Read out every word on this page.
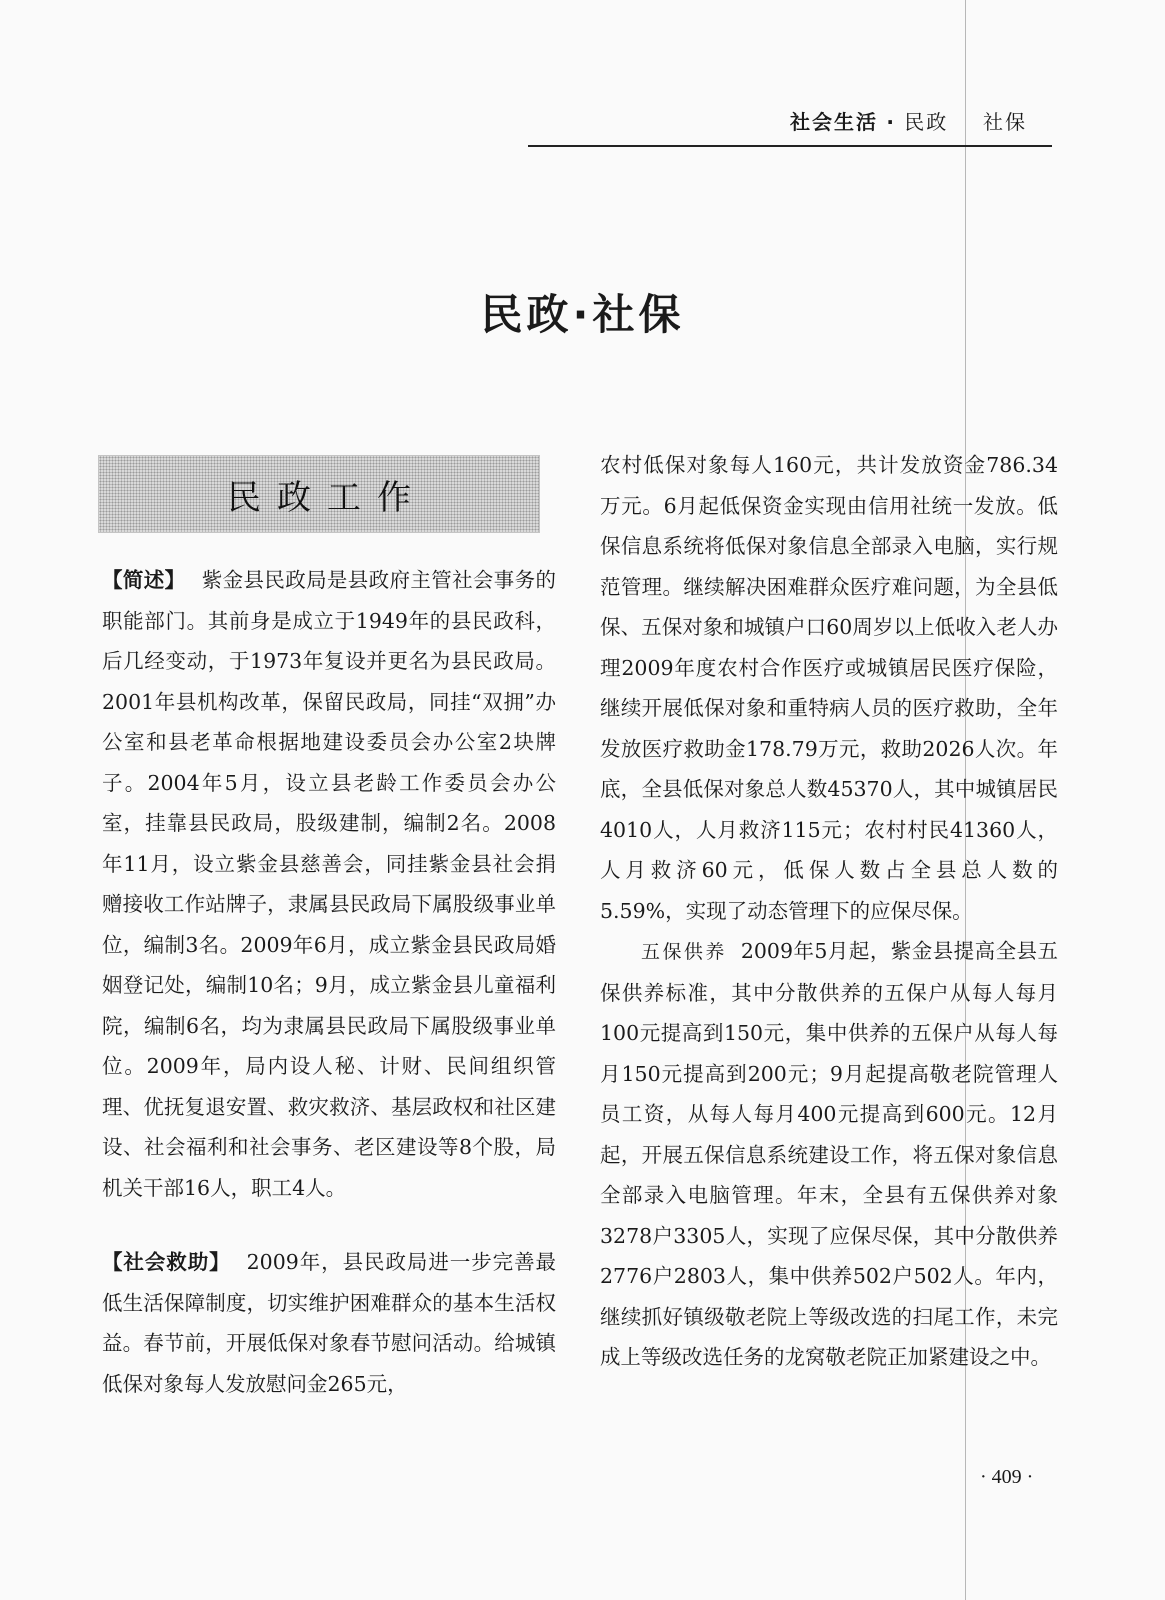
社会生活 · 民政 社保
民政·社保
民政工作

【简述】 紫金县民政局是县政府主管社会事务的职能部门。其前身是成立于1949年的县民政科，后几经变动，于1973年复设并更名为县民政局。2001年县机构改革，保留民政局，同挂“双拥”办公室和县老革命根据地建设委员会办公室2块牌子。2004年5月，设立县老龄工作委员会办公室，挂靠县民政局，股级建制，编制2名。2008年11月，设立紫金县慈善会，同挂紫金县社会捐赠接收工作站牌子，隶属县民政局下属股级事业单位，编制3名。2009年6月，成立紫金县民政局婚姻登记处，编制10名；9月，成立紫金县儿童福利院，编制6名，均为隶属县民政局下属股级事业单位。2009年，局内设人秘、计财、民间组织管理、优抚复退安置、救灾救济、基层政权和社区建设、社会福利和社会事务、老区建设等8个股，局机关干部16人，职工4人。

【社会救助】 2009年，县民政局进一步完善最低生活保障制度，切实维护困难群众的基本生活权益。春节前，开展低保对象春节慰问活动。给城镇低保对象每人发放慰问金265元，

农村低保对象每人160元，共计发放资金786.34万元。6月起低保资金实现由信用社统一发放。低保信息系统将低保对象信息全部录入电脑，实行规范管理。继续解决困难群众医疗难问题，为全县低保、五保对象和城镇户口60周岁以上低收入老人办理2009年度农村合作医疗或城镇居民医疗保险，继续开展低保对象和重特病人员的医疗救助，全年发放医疗救助金178.79万元，救助2026人次。年底，全县低保对象总人数45370人，其中城镇居民4010人，人月救济115元；农村村民41360人，人月救济60元，低保人数占全县总人数的5.59%，实现了动态管理下的应保尽保。

五保供养 2009年5月起，紫金县提高全县五保供养标准，其中分散供养的五保户从每人每月100元提高到150元，集中供养的五保户从每人每月150元提高到200元；9月起提高敬老院管理人员工资，从每人每月400元提高到600元。12月起，开展五保信息系统建设工作，将五保对象信息全部录入电脑管理。年末，全县有五保供养对象3278户3305人，实现了应保尽保，其中分散供养2776户2803人，集中供养502户502人。年内，继续抓好镇级敬老院上等级改选的扫尾工作，未完成上等级改选任务的龙窝敬老院正加紧建设之中。

· 409 ·
